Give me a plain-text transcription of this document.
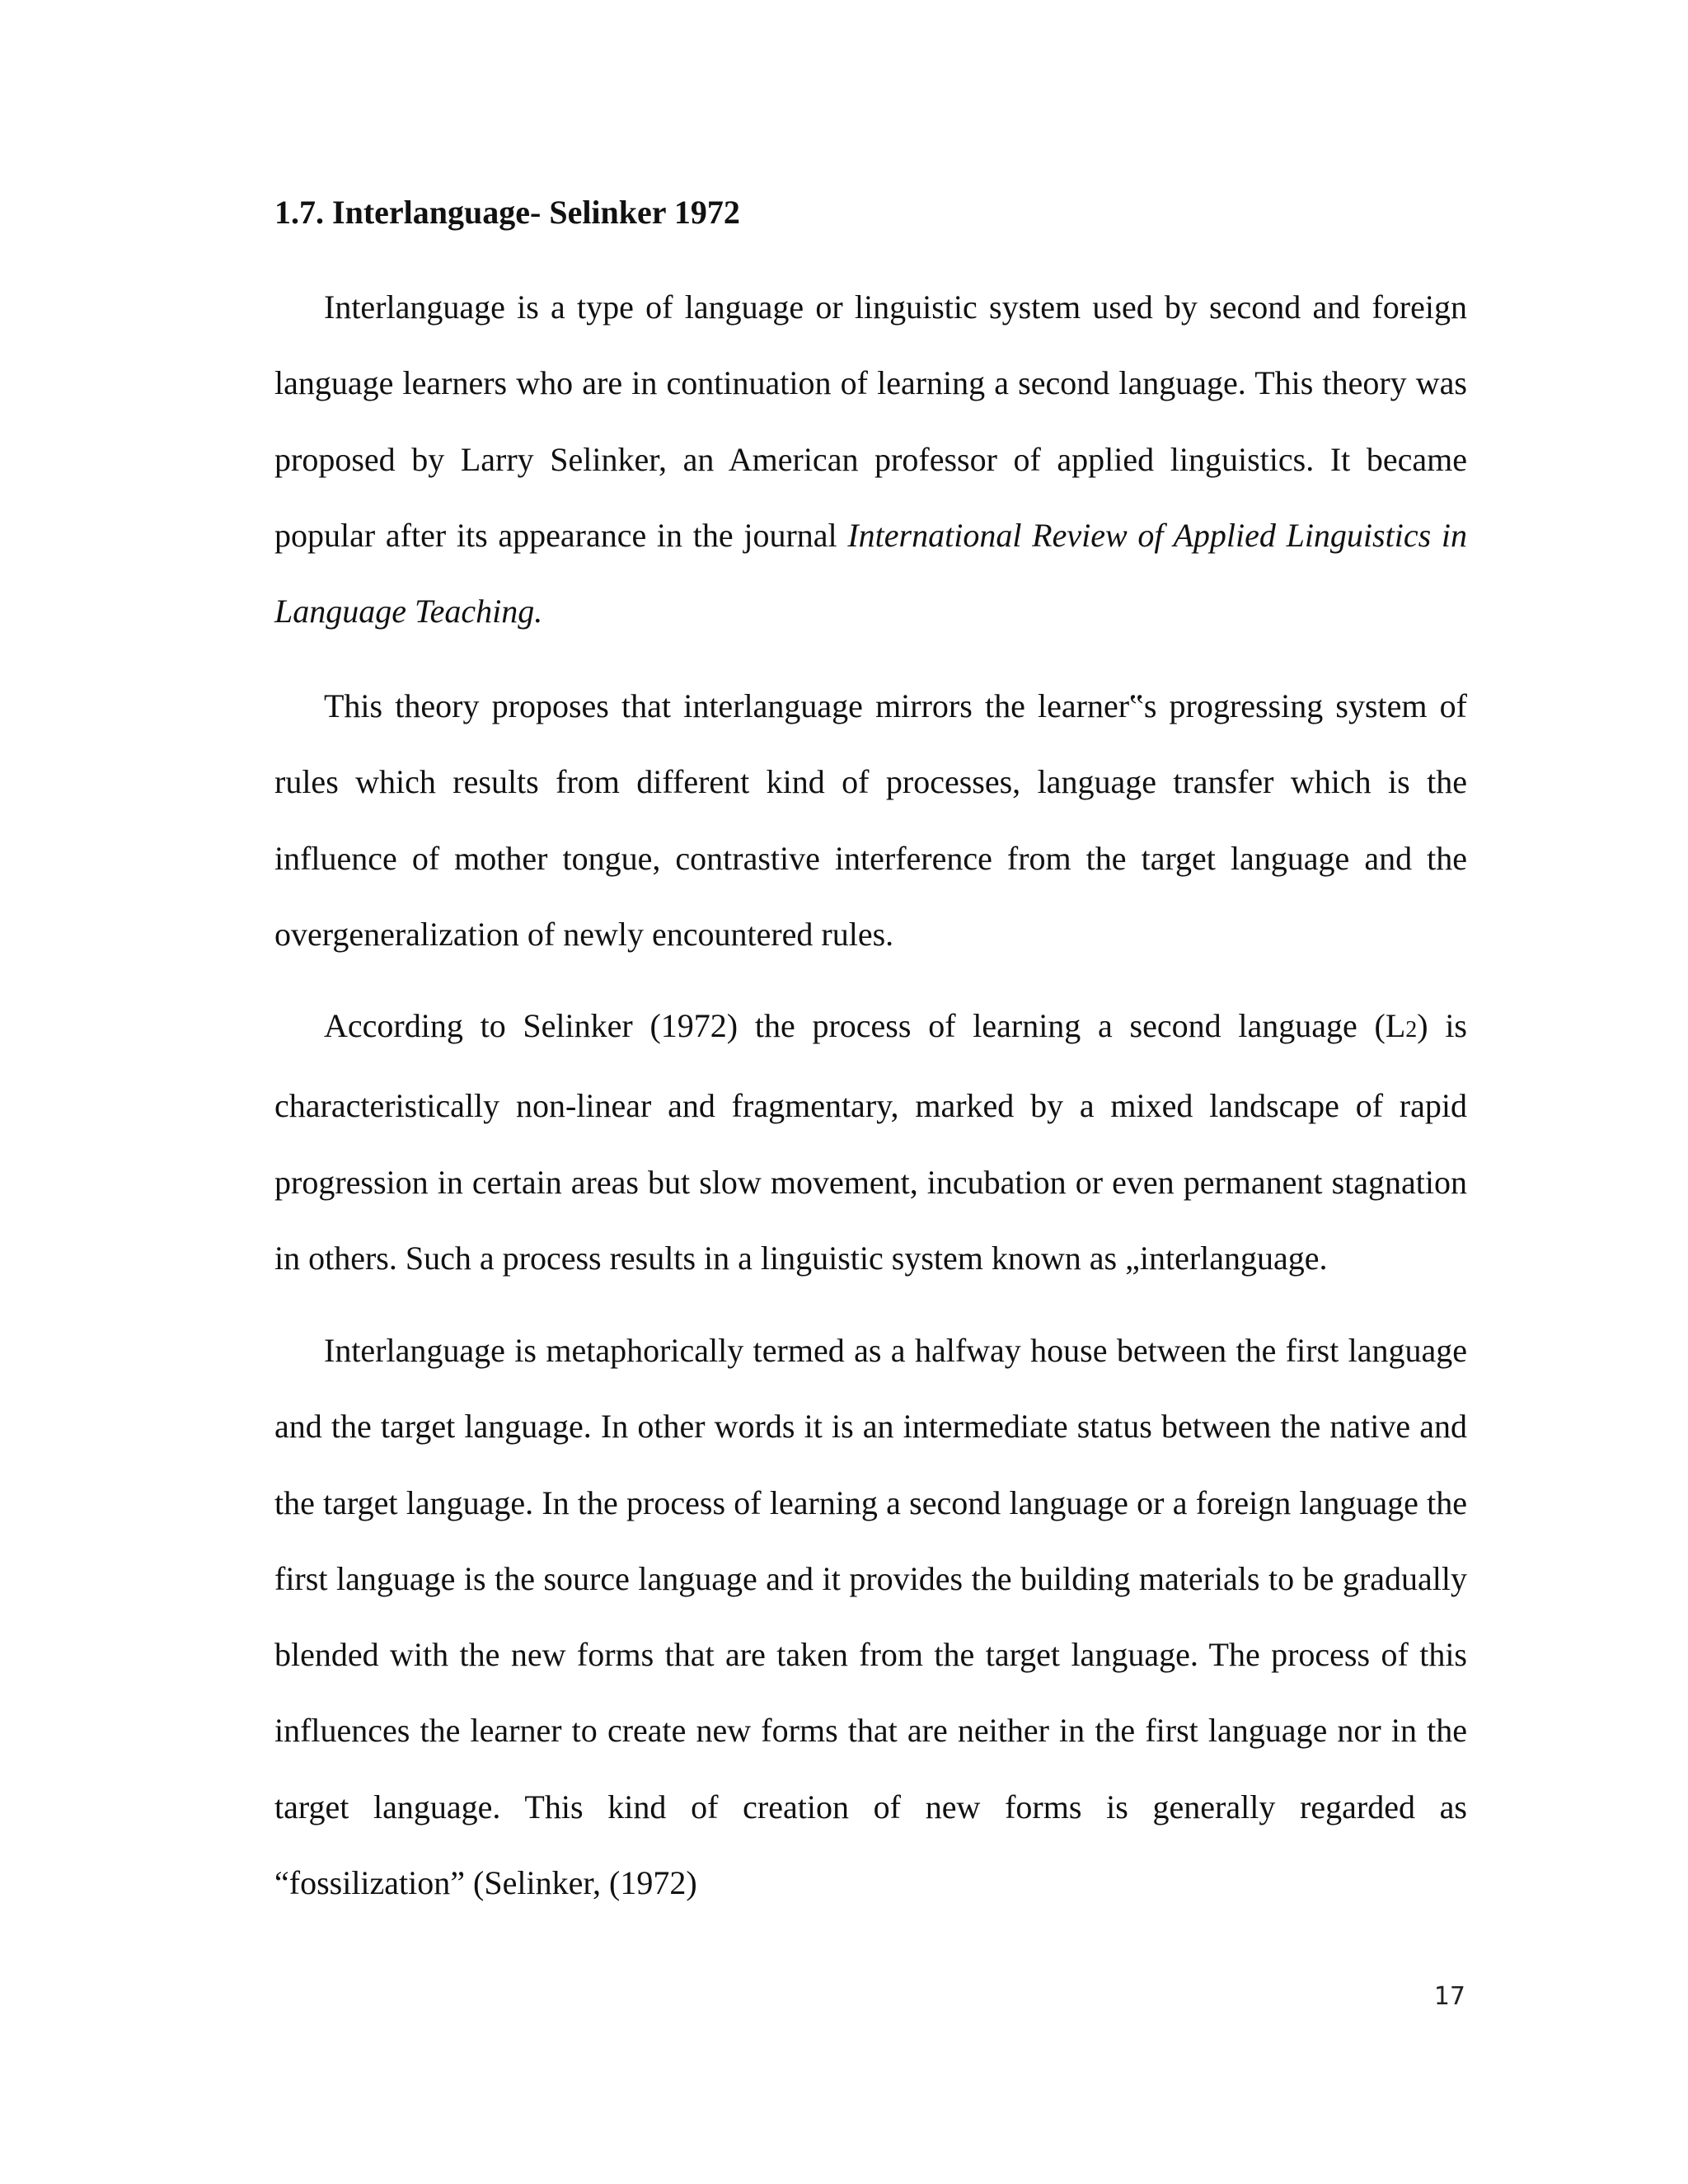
1.7. Interlanguage- Selinker 1972

Interlanguage is a type of language or linguistic system used by second and foreign language learners who are in continuation of learning a second language. This theory was proposed by Larry Selinker, an American professor of applied linguistics. It became popular after its appearance in the journal International Review of Applied Linguistics in Language Teaching.

This theory proposes that interlanguage mirrors the learner‟s progressing system of rules which results from different kind of processes, language transfer which is the influence of mother tongue, contrastive interference from the target language and the overgeneralization of newly encountered rules.

According to Selinker (1972) the process of learning a second language (L2) is characteristically non-linear and fragmentary, marked by a mixed landscape of rapid progression in certain areas but slow movement, incubation or even permanent stagnation in others. Such a process results in a linguistic system known as „interlanguage.

Interlanguage is metaphorically termed as a halfway house between the first language and the target language. In other words it is an intermediate status between the native and the target language. In the process of learning a second language or a foreign language the first language is the source language and it provides the building materials to be gradually blended with the new forms that are taken from the target language. The process of this influences the learner to create new forms that are neither in the first language nor in the target language. This kind of creation of new forms is generally regarded as “fossilization” (Selinker, (1972)

17
